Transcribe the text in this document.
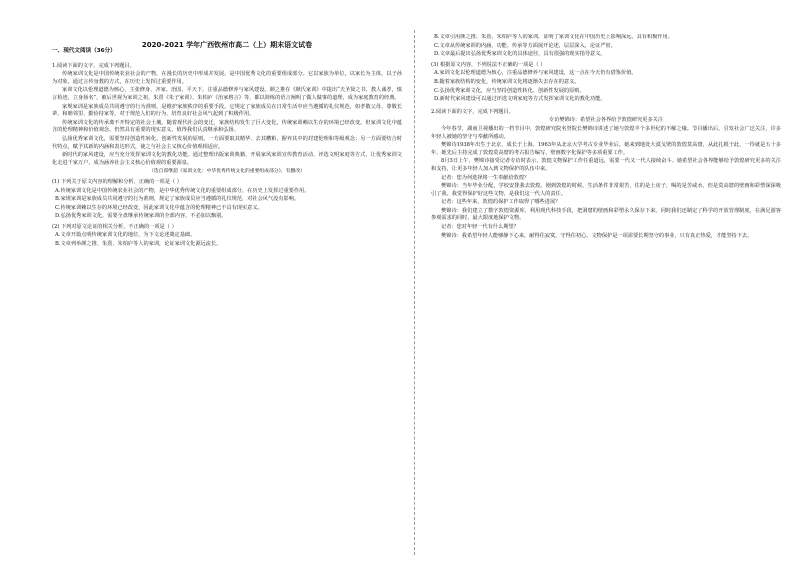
2020-2021 学年广西钦州市高二（上）期末语文试卷
一、现代文阅读（36分）

1.阅读下面的文字，完成下列题目。

传统家训文化是中国传统农业社会的产物，在漫长的历史中形成并发展，是中国优秀文化的重要组成部分。它以家族为单位，以家长为主体，以子孙为对象，通过言传身教的方式，在历史上发挥过重要作用。

家训文化以伦理道德为核心，主张修身、齐家、治国、平天下，注重品德修养与家风建设。颜之推在《颜氏家训》中提出“夫圣贤之书，教人诚孝，慎言检迹，立身扬名”，被后世视为家训之祖。朱熹《朱子家训》、朱柏庐《治家格言》等，都以简练的语言阐明了做人做事的道理，成为家庭教育的经典。

家规家训是家族成员共同遵守的行为准则，是维护家族秩序的重要手段。它规定了家族成员在日常生活中应当遵循的礼仪规范，如孝敬父母、尊敬长辈、和睦邻里、勤俭持家等，对于规范人们的行为、培育良好社会风气起到了积极作用。

传统家训文化的传承离不开特定的社会土壤。随着现代社会的变迁，家族结构发生了巨大变化，传统家训赖以生存的环境已经改变。但家训文化中蕴含的伦理精神和价值观念，仍然具有重要的现实意义，值得我们认真继承和弘扬。

弘扬优秀家训文化，需要坚持创造性转化、创新性发展的原则。一方面要取其精华、去其糟粕，摒弃其中的封建伦理和等级观念；另一方面要结合时代特点，赋予其新的内涵和表达形式，使之与社会主义核心价值观相适应。

新时代的家风建设，应当充分发挥家训文化的教化功能。通过整理出版家训典籍、开展家风家训宣传教育活动、评选文明家庭等方式，让优秀家训文化走进千家万户，成为涵养社会主义核心价值观的重要源泉。

（选自郑继超《家训文化：中华优秀传统文化的重要组成部分》，有删改）

(1) 下列关于原文内容的理解和分析，正确的一项是（ ）

A.传统家训文化是中国传统农业社会的产物，是中华优秀传统文化的重要组成部分，在历史上发挥过重要作用。

B.家规家训是家族成员共同遵守的行为准则，规定了家族成员应当遵循的礼仪规范，对社会风气没有影响。

C.传统家训赖以生存的环境已经改变，因此家训文化中蕴含的伦理精神已不具有现实意义。

D.弘扬优秀家训文化，需要全盘继承传统家训的全部内容，不必加以甄别。

(2) 下列对原文论证的相关分析，不正确的一项是（ ）

A.文章开篇点明传统家训文化的地位，为下文论述奠定基础。

B.文章列举颜之推、朱熹、朱柏庐等人的家训，论证家训文化源远流长。

B.文章引用颜之推、朱熹、朱柏庐等人的家训，证明了家训文化在中国历史上影响深远，具有积极作用。

C.文章从传统家训的内涵、功能、传承等方面展开论述，层层深入，论证严密。

D.文章最后提出弘扬优秀家训文化的具体途径，具有很强的现实指导意义。

(3) 根据原文内容，下列说法不正确的一项是（ ）

A.家训文化以伦理道德为核心，注重品德修养与家风建设，这一点在今天仍有借鉴价值。

B.随着家族结构的变化，传统家训文化将逐渐失去存在的意义。

C.弘扬优秀家训文化，应当坚持创造性转化、创新性发展的原则。

D.新时代家风建设可以通过评选文明家庭等方式发挥家训文化的教化功能。

2.阅读下面的文字，完成下列题目。

专访樊锦诗：希望社会各界给予敦煌研究更多关注

今年春节，湖南卫视播出的一档节目中，敦煌研究院名誉院长樊锦诗讲述了她与敦煌半个多世纪的不解之缘。节目播出后，引发社会广泛关注，许多年轻人被她的坚守与奉献所感动。

樊锦诗1938年出生于北京，成长于上海。1963年从北京大学考古专业毕业后，她来到地处大漠戈壁的敦煌莫高窟，从此扎根于此，一待就是五十多年。她先后主持完成了敦煌莫高窟的考古报告编写、壁画数字化保护等多项重要工作。

8月3日上午，樊锦诗接受记者专访时表示，敦煌文物保护工作任重道远，需要一代又一代人接续奋斗。她希望社会各界能够给予敦煌研究更多的关注和支持，让更多年轻人加入到文物保护的队伍中来。

记者：您为何选择将一生奉献给敦煌？

樊锦诗：当年毕业分配，学校安排我去敦煌。刚到敦煌的时候，生活条件非常艰苦，住的是土房子，喝的是苦咸水，但是莫高窟的壁画和彩塑深深吸引了我。我觉得保护好这些文物，是我们这一代人的责任。

记者：这些年来，敦煌的保护工作取得了哪些进展？

樊锦诗：我们建立了数字敦煌资源库，利用现代科技手段，把洞窟的壁画和彩塑永久保存下来。同时我们还制定了科学的开放管理制度，在满足游客参观需求的同时，最大限度地保护文物。

记者：您对年轻一代有什么期望？

樊锦诗：我希望年轻人能够静下心来，耐得住寂寞，守得住初心。文物保护是一项需要长期坚守的事业，只有真正热爱，才能坚持下去。
